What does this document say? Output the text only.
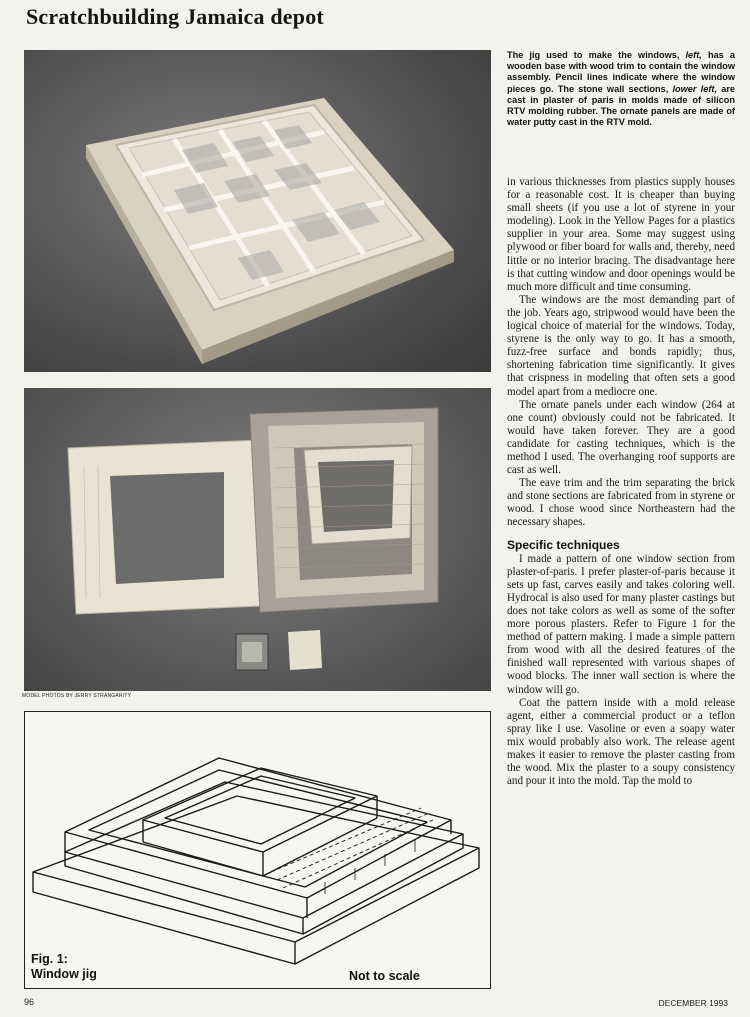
Scratchbuilding Jamaica depot
MODEL PHOTOS BY JERRY STRANGARITY
Fig. 1:
Window jig	Not to scale
The jig used to make the windows, left, has a wooden base with wood trim to contain the window assembly. Pencil lines indicate where the window pieces go. The stone wall sections, lower left, are cast in plaster of paris in molds made of silicon RTV molding rubber. The ornate panels are made of water putty cast in the RTV mold.

in various thicknesses from plastics supply houses for a reasonable cost. It is cheaper than buying small sheets (if you use a lot of styrene in your modeling). Look in the Yellow Pages for a plastics supplier in your area. Some may suggest using plywood or fiber board for walls and, thereby, need little or no interior bracing. The disadvantage here is that cutting window and door openings would be much more difficult and time consuming.

The windows are the most demanding part of the job. Years ago, stripwood would have been the logical choice of material for the windows. Today, styrene is the only way to go. It has a smooth, fuzz-free surface and bonds rapidly; thus, shortening fabrication time significantly. It gives that crispness in modeling that often sets a good model apart from a mediocre one.

The ornate panels under each window (264 at one count) obviously could not be fabricated. It would have taken forever. They are a good candidate for casting techniques, which is the method I used. The overhanging roof supports are cast as well.

The eave trim and the trim separating the brick and stone sections are fabricated from in styrene or wood. I chose wood since Northeastern had the necessary shapes.

Specific techniques

I made a pattern of one window section from plaster-of-paris. I prefer plaster-of-paris because it sets up fast, carves easily and takes coloring well. Hydrocal is also used for many plaster castings but does not take colors as well as some of the softer more porous plasters. Refer to Figure 1 for the method of pattern making. I made a simple pattern from wood with all the desired features of the finished wall represented with various shapes of wood blocks. The inner wall section is where the window will go.

Coat the pattern inside with a mold release agent, either a commercial product or a teflon spray like I use. Vasoline or even a soapy water mix would probably also work. The release agent makes it easier to remove the plaster casting from the wood. Mix the plaster to a soupy consistency and pour it into the mold. Tap the mold to

96	DECEMBER 1993
